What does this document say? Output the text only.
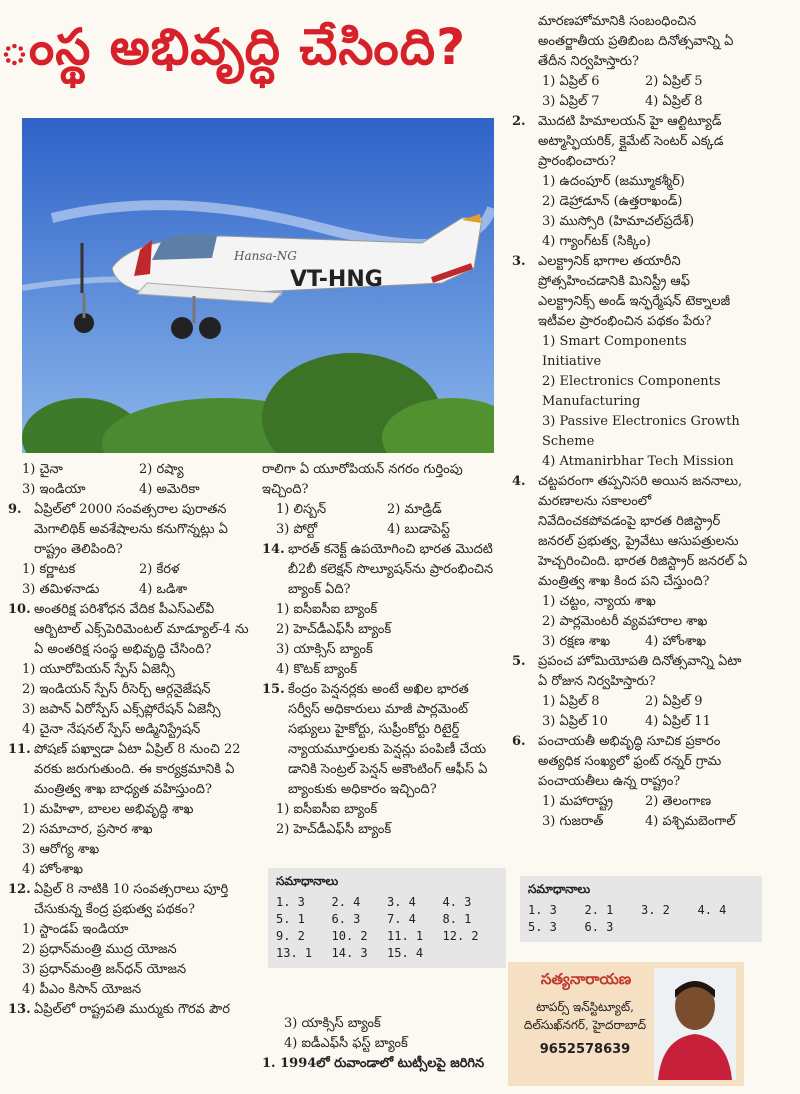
ంస్థ అభివృద్ధి చేసింది?
Hansa-NG
VT-HNG
1) చైనా	2) రష్యా
3) ఇండియా	4) అమెరికా

9. ఏప్రిల్‌లో 2000 సంవత్సరాల పురాతన మెగాలిథిక్ అవశేషాలను కనుగొన్నట్లు ఏ రాష్ట్రం తెలిపింది?

1) కర్ణాటక	2) కేరళ
3) తమిళనాడు	4) ఒడిశా

10. అంతరిక్ష పరిశోధన వేదిక పీఎస్ఎల్‌వీ ఆర్బిటాల్ ఎక్స్‌పెరిమెంటల్ మాడ్యూల్-4 ను ఏ అంతరిక్ష సంస్థ అభివృద్ధి చేసింది?

1) యూరోపియన్ స్పేస్ ఏజెన్సీ

2) ఇండియన్ స్పేస్ రీసెర్చ్ ఆర్గనైజేషన్

3) జపాన్ ఏరోస్పేస్ ఎక్స్‌ప్లోరేషన్ ఏజెన్సీ

4) చైనా నేషనల్ స్పేస్ అడ్మినిస్ట్రేషన్

11. పోషణ్ పఖ్వాడా ఏటా ఏప్రిల్ 8 నుంచి 22 వరకు జరుగుతుంది. ఈ కార్యక్రమానికి ఏ మంత్రిత్వ శాఖ బాధ్యత వహిస్తుంది?

1) మహిళా, బాలల అభివృద్ధి శాఖ

2) సమాచార, ప్రసార శాఖ

3) ఆరోగ్య శాఖ

4) హోంశాఖ

12. ఏప్రిల్ 8 నాటికి 10 సంవత్సరాలు పూర్తి చేసుకున్న కేంద్ర ప్రభుత్వ పథకం?

1) స్టాండప్ ఇండియా

2) ప్రధాన్‌మంత్రి ముద్ర యోజన

3) ప్రధాన్‌మంత్రి జన్‌ధన్ యోజన

4) పీఎం కిసాన్ యోజన

13. ఏప్రిల్‌లో రాష్ట్రపతి ముర్ముకు గౌరవ పౌర

రాలిగా ఏ యూరోపియన్ నగరం గుర్తింపు ఇచ్చింది?

1) లిస్బన్	2) మాడ్రిడ్
3) పోర్టో	4) బుడాపెస్ట్

14. భారత్ కనెక్ట్ ఉపయోగించి భారత మొదటి బీ2బీ కలెక్షన్ సొల్యూషన్‌ను ప్రారంభించిన బ్యాంక్ ఏది?

1) ఐసీఐసీఐ బ్యాంక్

2) హెచ్‌డీఎఫ్‌సీ బ్యాంక్

3) యాక్సిస్ బ్యాంక్

4) కొటక్ బ్యాంక్

15. కేంద్రం పెన్షనర్లకు అంటే అఖిల భారత సర్వీస్ అధికారులు మాజీ పార్లమెంట్ సభ్యులు హైకోర్టు, సుప్రీంకోర్టు రిటైర్డ్ న్యాయమూర్తులకు పెన్షన్లు పంపిణీ చేయ డానికి సెంట్రల్ పెన్షన్ అకౌంటింగ్ ఆఫీస్ ఏ బ్యాంకుకు అధికారం ఇచ్చింది?

1) ఐసీఐసీఐ బ్యాంక్

2) హెచ్‌డీఎఫ్‌సీ బ్యాంక్

సమాధానాలు
1. 3	2. 4	3. 4	4. 3
5. 1	6. 3	7. 4	8. 1
9. 2	10. 2	11. 1	12. 2
13. 1	14. 3	15. 4

3) యాక్సిస్ బ్యాంక్

4) ఐడీఎఫ్‌సీ ఫస్ట్ బ్యాంక్

1. 1994లో రువాండాలో టుట్సీలపై జరిగిన

మారణహోమానికి సంబంధించిన అంతర్జాతీయ ప్రతిబింబ దినోత్సవాన్ని ఏ తేదీన నిర్వహిస్తారు?

1) ఏప్రిల్ 6	2) ఏప్రిల్ 5
3) ఏప్రిల్ 7	4) ఏప్రిల్ 8

2. మొదటి హిమాలయన్ హై ఆల్టిట్యూడ్ అట్మాస్ఫియరిక్, క్లైమేట్ సెంటర్ ఎక్కడ ప్రారంభించారు?

1) ఉదంపూర్ (జమ్మూకశ్మీర్)

2) డెహ్రాడూన్ (ఉత్తరాఖండ్)

3) ముస్సోరి (హిమాచల్‌ప్రదేశ్)

4) గ్యాంగ్‌టక్ (సిక్కిం)

3. ఎలక్ట్రానిక్ భాగాల తయారీని ప్రోత్సహించడానికి మినిస్ట్రీ ఆఫ్ ఎలక్ట్రానిక్స్ అండ్ ఇన్ఫర్మేషన్ టెక్నాలజీ ఇటీవల ప్రారంభించిన పథకం పేరు?

1) Smart Components Initiative

2) Electronics Components Manufacturing

3) Passive Electronics Growth Scheme

4) Atmanirbhar Tech Mission

4. చట్టపరంగా తప్పనిసరి అయిన జననాలు, మరణాలను సకాలంలో నివేదించకపోవడంపై భారత రిజిస్ట్రార్ జనరల్ ప్రభుత్వ, ప్రైవేటు ఆసుపత్రులను హెచ్చరించింది. భారత రిజిస్ట్రార్ జనరల్ ఏ మంత్రిత్వ శాఖ కింద పని చేస్తుంది?

1) చట్టం, న్యాయ శాఖ

2) పార్లమెంటరీ వ్యవహారాల శాఖ

3) రక్షణ శాఖ	4) హోంశాఖ

5. ప్రపంచ హోమియోపతి దినోత్సవాన్ని ఏటా ఏ రోజున నిర్వహిస్తారు?

1) ఏప్రిల్ 8	2) ఏప్రిల్ 9
3) ఏప్రిల్ 10	4) ఏప్రిల్ 11

6. పంచాయతీ అభివృద్ధి సూచిక ప్రకారం అత్యధిక సంఖ్యలో ఫ్రంట్ రన్నర్ గ్రామ పంచాయతీలు ఉన్న రాష్ట్రం?

1) మహారాష్ట్ర	2) తెలంగాణ
3) గుజరాత్	4) పశ్చిమబెంగాల్
సమాధానాలు
1. 3	2. 1	3. 2	4. 4
5. 3	6. 3
సత్యనారాయణ
టాపర్స్ ఇన్‌స్టిట్యూట్,
దిల్‌సుఖ్‌నగర్, హైదరాబాద్
9652578639
